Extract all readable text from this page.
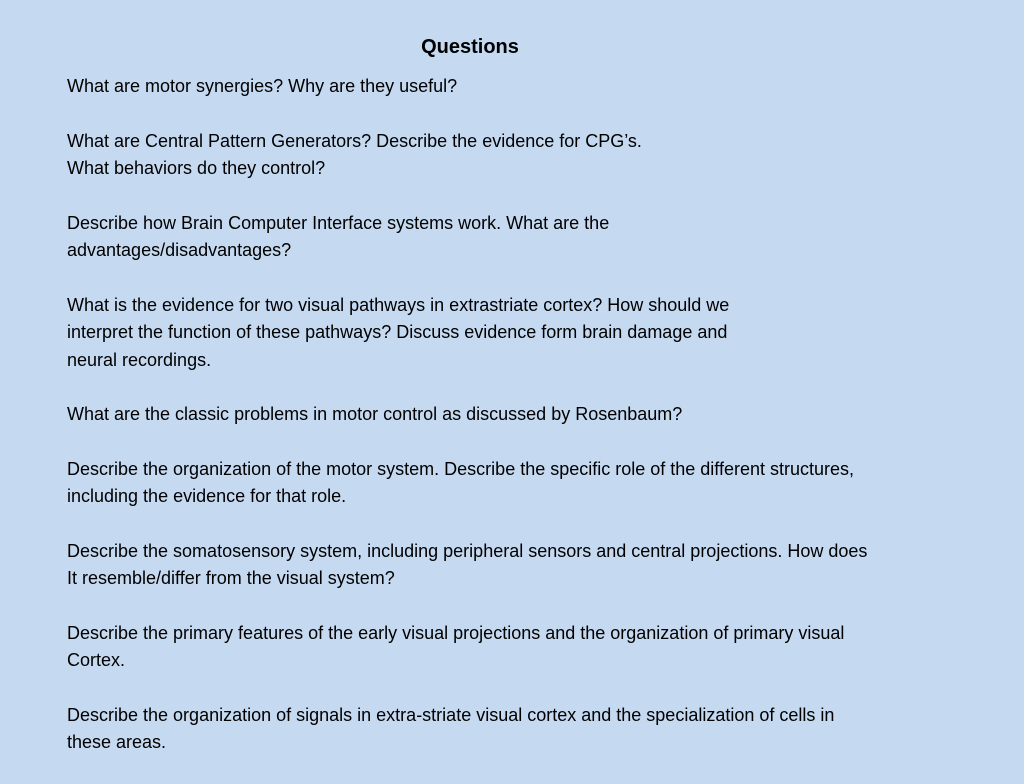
Questions
What are motor synergies? Why are they useful?
What are Central Pattern Generators? Describe the evidence for CPG’s.
What behaviors do they control?
Describe how Brain Computer Interface systems work. What are the
advantages/disadvantages?
What is the evidence for two visual pathways in extrastriate cortex? How should we
interpret the function of these pathways? Discuss evidence form brain damage and
neural recordings.
What are the classic problems in motor control as discussed by Rosenbaum?
Describe the organization of the motor system. Describe the specific role of the different structures,
including the evidence for that role.
Describe the somatosensory system, including peripheral sensors and central projections. How does
It resemble/differ from the visual system?
Describe the primary features of the early visual projections and the organization of primary visual
Cortex.
Describe the organization of signals in extra-striate visual cortex and the specialization of cells in
these areas.
